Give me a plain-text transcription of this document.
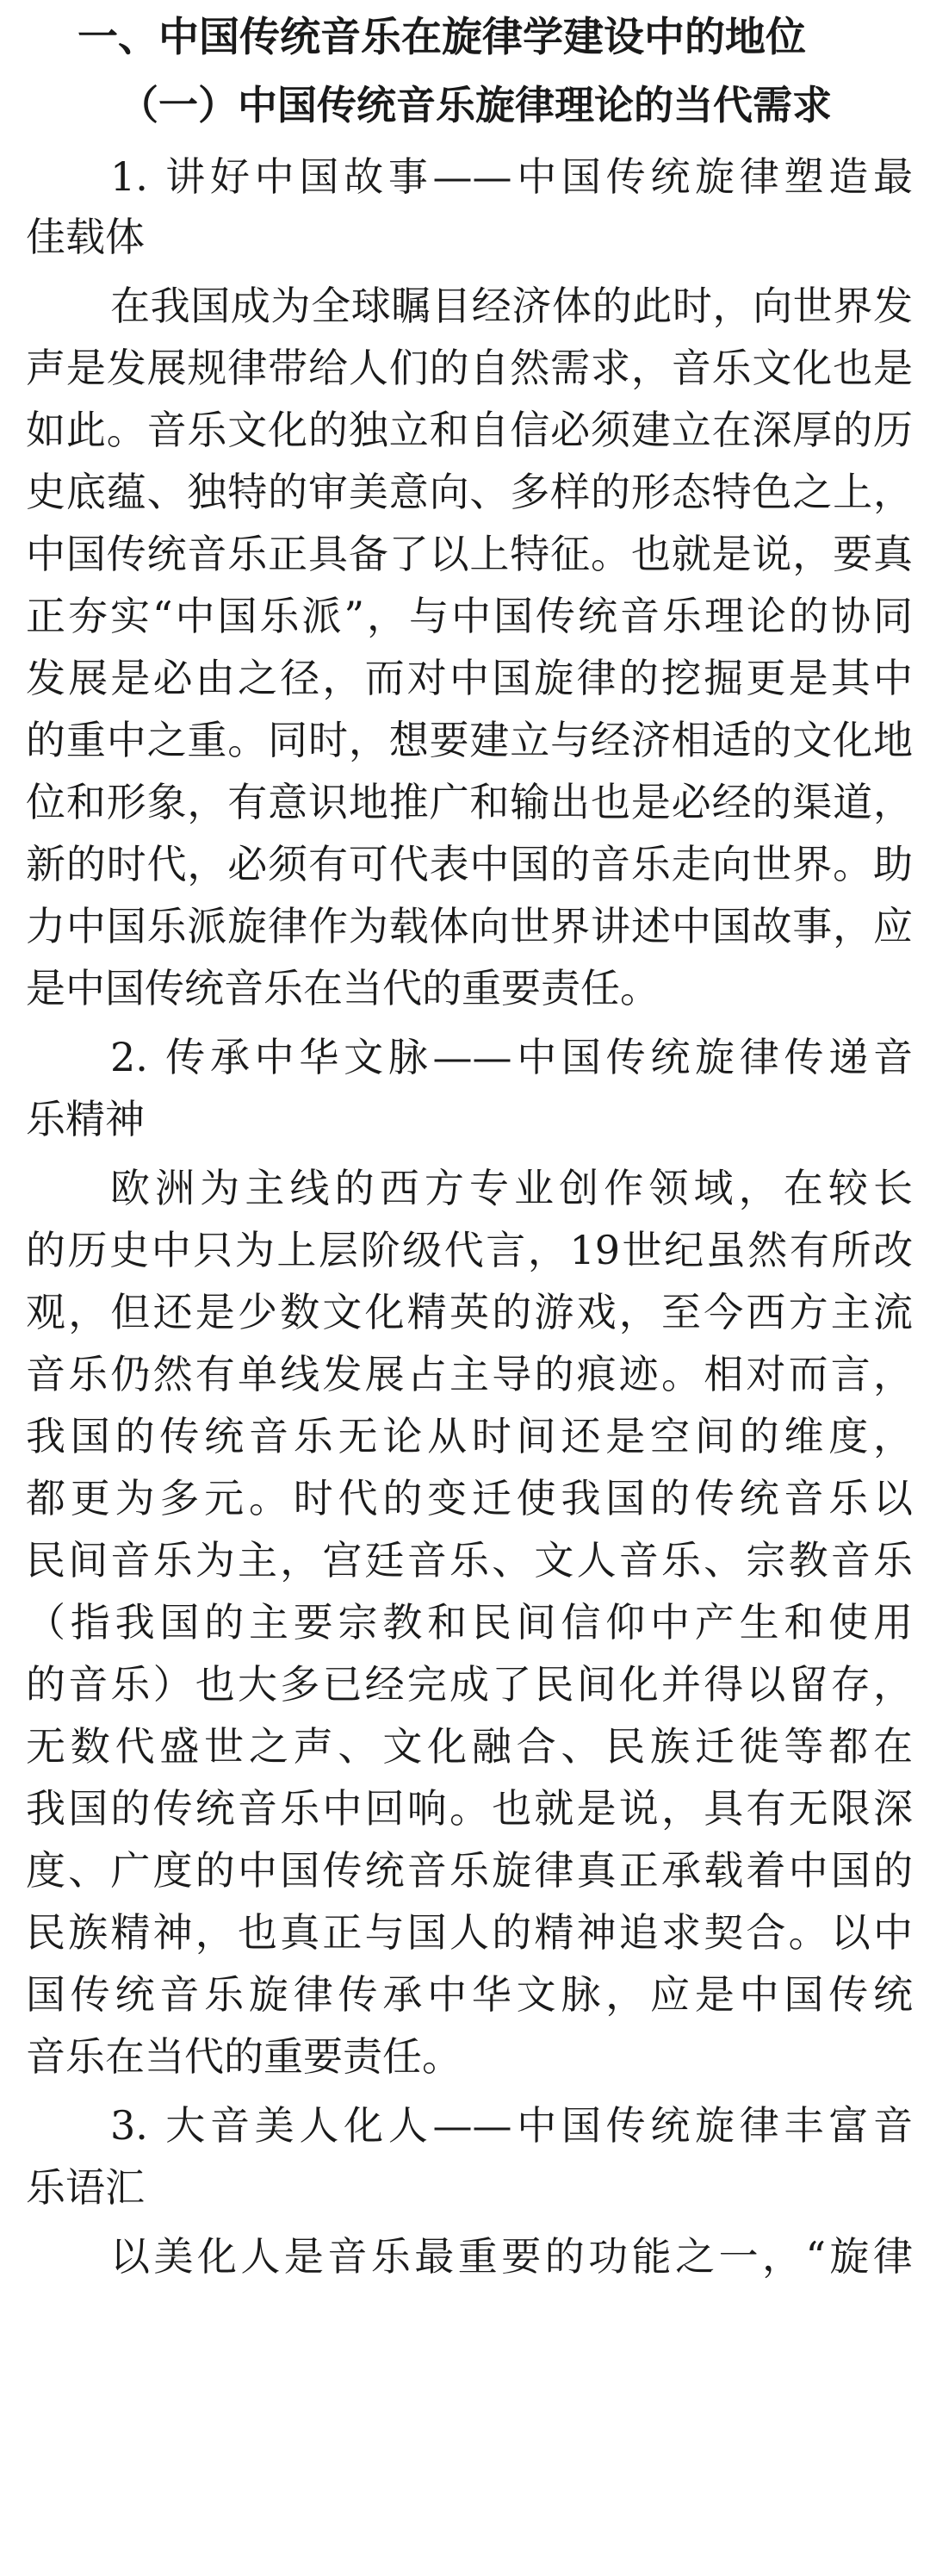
一、中国传统音乐在旋律学建设中的地位
（一）中国传统音乐旋律理论的当代需求
1. 讲好中国故事——中国传统旋律塑造最
佳载体
在我国成为全球瞩目经济体的此时，向世界发
声是发展规律带给人们的自然需求，音乐文化也是
如此。音乐文化的独立和自信必须建立在深厚的历
史底蕴、独特的审美意向、多样的形态特色之上，
中国传统音乐正具备了以上特征。也就是说，要真
正夯实“中国乐派”，与中国传统音乐理论的协同
发展是必由之径，而对中国旋律的挖掘更是其中
的重中之重。同时，想要建立与经济相适的文化地
位和形象，有意识地推广和输出也是必经的渠道，
新的时代，必须有可代表中国的音乐走向世界。助
力中国乐派旋律作为载体向世界讲述中国故事，应
是中国传统音乐在当代的重要责任。
2. 传承中华文脉——中国传统旋律传递音
乐精神
欧洲为主线的西方专业创作领域，在较长
的历史中只为上层阶级代言，19世纪虽然有所改
观，但还是少数文化精英的游戏，至今西方主流
音乐仍然有单线发展占主导的痕迹。相对而言，
我国的传统音乐无论从时间还是空间的维度，
都更为多元。时代的变迁使我国的传统音乐以
民间音乐为主，宫廷音乐、文人音乐、宗教音乐
（指我国的主要宗教和民间信仰中产生和使用
的音乐）也大多已经完成了民间化并得以留存，
无数代盛世之声、文化融合、民族迁徙等都在
我国的传统音乐中回响。也就是说，具有无限深
度、广度的中国传统音乐旋律真正承载着中国的
民族精神，也真正与国人的精神追求契合。以中
国传统音乐旋律传承中华文脉，应是中国传统
音乐在当代的重要责任。
3. 大音美人化人——中国传统旋律丰富音
乐语汇
以美化人是音乐最重要的功能之一，“旋律
